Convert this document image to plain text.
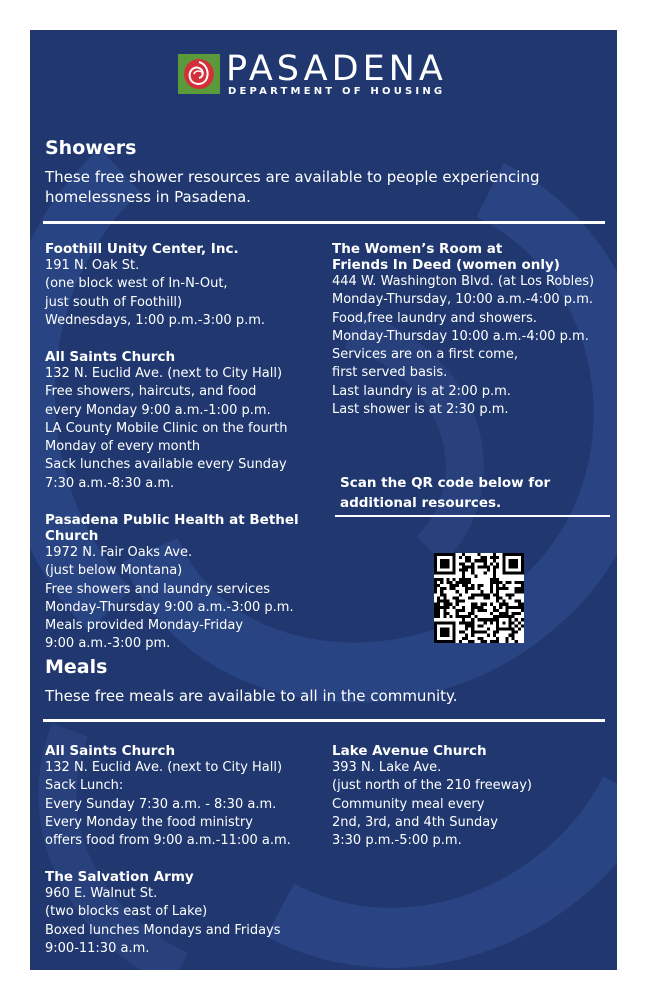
PASADENA
DEPARTMENT OF HOUSING
Showers
These free shower resources are available to people experiencing homelessness in Pasadena.
Foothill Unity Center, Inc.
191 N. Oak St.
(one block west of In-N-Out,
just south of Foothill)
Wednesdays, 1:00 p.m.-3:00 p.m.
All Saints Church
132 N. Euclid Ave. (next to City Hall)
Free showers, haircuts, and food
every Monday 9:00 a.m.-1:00 p.m.
LA County Mobile Clinic on the fourth
Monday of every month
Sack lunches available every Sunday
7:30 a.m.-8:30 a.m.
Pasadena Public Health at Bethel Church
1972 N. Fair Oaks Ave.
(just below Montana)
Free showers and laundry services
Monday-Thursday 9:00 a.m.-3:00 p.m.
Meals provided Monday-Friday
9:00 a.m.-3:00 pm.
The Women’s Room at
Friends In Deed (women only)
444 W. Washington Blvd. (at Los Robles)
Monday-Thursday, 10:00 a.m.-4:00 p.m.
Food,free laundry and showers.
Monday-Thursday 10:00 a.m.-4:00 p.m.
Services are on a first come,
first served basis.
Last laundry is at 2:00 p.m.
Last shower is at 2:30 p.m.
Scan the QR code below for
additional resources.
Meals
These free meals are available to all in the community.
All Saints Church
132 N. Euclid Ave. (next to City Hall)
Sack Lunch:
Every Sunday 7:30 a.m. - 8:30 a.m.
Every Monday the food ministry
offers food from 9:00 a.m.-11:00 a.m.
The Salvation Army
960 E. Walnut St.
(two blocks east of Lake)
Boxed lunches Mondays and Fridays
9:00-11:30 a.m.
Lake Avenue Church
393 N. Lake Ave.
(just north of the 210 freeway)
Community meal every
2nd, 3rd, and 4th Sunday
3:30 p.m.-5:00 p.m.
